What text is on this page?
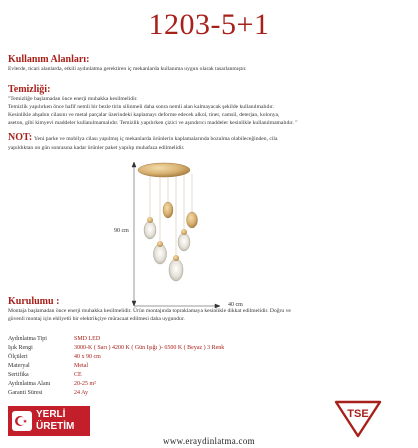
1203-5+1
Kullanım Alanları:
Evlerde, ticari alanlarda, etkili aydınlatma gerektiren iç mekanlarda kullanıma uygun olarak tasarlanmıştır.
Temizliği:
"Temizliğe başlamadan önce enerji muhakka kesilmelidir.
Temizlik yapılırken önce hafif nemli bir bezle tirin silinmeli daha sonra nemli alan kalmayacak şekilde kullanılmalıdır.
Kesinlikle ahşabın cilasını ve metal parçalar üzerindeki kaplamayı deforme edecek alkol, tiner, camsil, deterjan, kolonya,
aseton, gibi kimyevi maddeler kullanılmamalıdır. Temizlik yapılırken çizici ve aşındırıcı maddeler kesinlikle kullanılmamalıdır. "
NOT: Yeni parke ve mobilya cilası yapılmış iç mekanlarda ürünlerin kaplamalarında bozulma olabileceğinden, cila
yapıldıktan on gün sonrasına kadar ürünler paket yapılıp muhafaza edilmelidir.
90 cm
40 cm
Kurulumu :
Montaja başlamadan önce enerji muhakka kesilmelidir. Ürün montajında topraklamaya kesinlikle dikkat edilmelidir. Doğru ve
güvenli montaj için ehliyetli bir elektrikçiye müracaat edilmesi daha uygundur.
Aydınlatma Tipi	SMD LED
Işık Rengi	3000-K ( Sarı ) 4200 K ( Gün Işığı )- 6500 K ( Beyaz ) 3 Renk
Ölçüleri	40 x 90 cm
Materyal	Metal
Sertifika	CE
Aydınlatma Alanı	20-25 m²
Garanti Süresi	24 Ay
YERLİ
ÜRETİM
www.eraydinlatma.com
TSE
